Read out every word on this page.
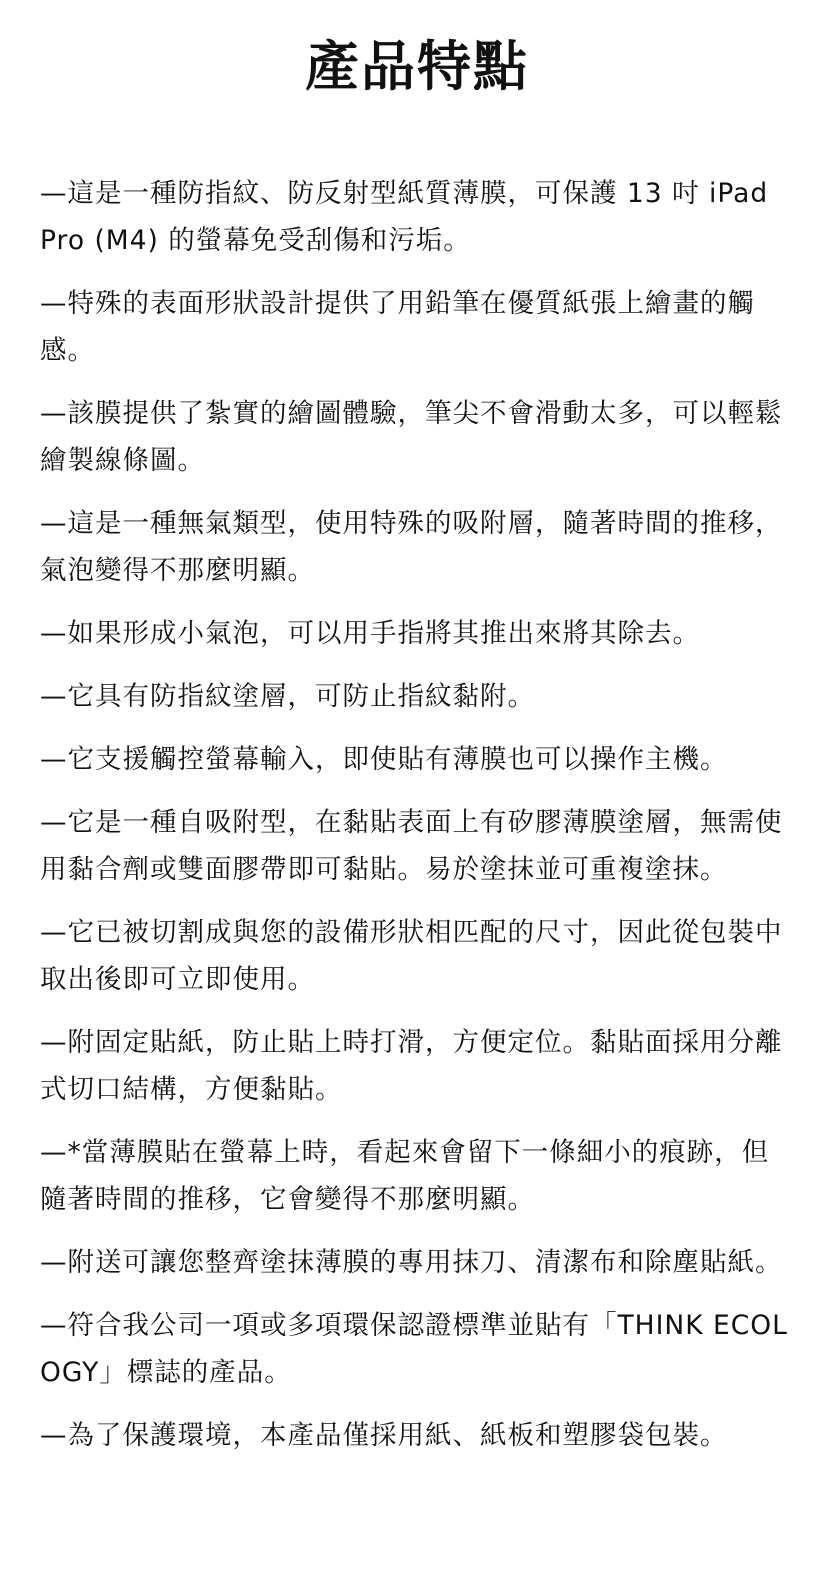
產品特點
—這是一種防指紋、防反射型紙質薄膜，可保護 13 吋 iPad Pro (M4) 的螢幕免受刮傷和污垢。
—特殊的表面形狀設計提供了用鉛筆在優質紙張上繪畫的觸感。
—該膜提供了紮實的繪圖體驗，筆尖不會滑動太多，可以輕鬆繪製線條圖。
—這是一種無氣類型，使用特殊的吸附層，隨著時間的推移，氣泡變得不那麼明顯。
—如果形成小氣泡，可以用手指將其推出來將其除去。
—它具有防指紋塗層，可防止指紋黏附。
—它支援觸控螢幕輸入，即使貼有薄膜也可以操作主機。
—它是一種自吸附型，在黏貼表面上有矽膠薄膜塗層，無需使用黏合劑或雙面膠帶即可黏貼。易於塗抹並可重複塗抹。
—它已被切割成與您的設備形狀相匹配的尺寸，因此從包裝中取出後即可立即使用。
—附固定貼紙，防止貼上時打滑，方便定位。黏貼面採用分離式切口結構，方便黏貼。
—*當薄膜貼在螢幕上時，看起來會留下一條細小的痕跡，但隨著時間的推移，它會變得不那麼明顯。
—附送可讓您整齊塗抹薄膜的專用抹刀、清潔布和除塵貼紙。
—符合我公司一項或多項環保認證標準並貼有「THINK ECOLOGY」標誌的產品。
—為了保護環境，本產品僅採用紙、紙板和塑膠袋包裝。
